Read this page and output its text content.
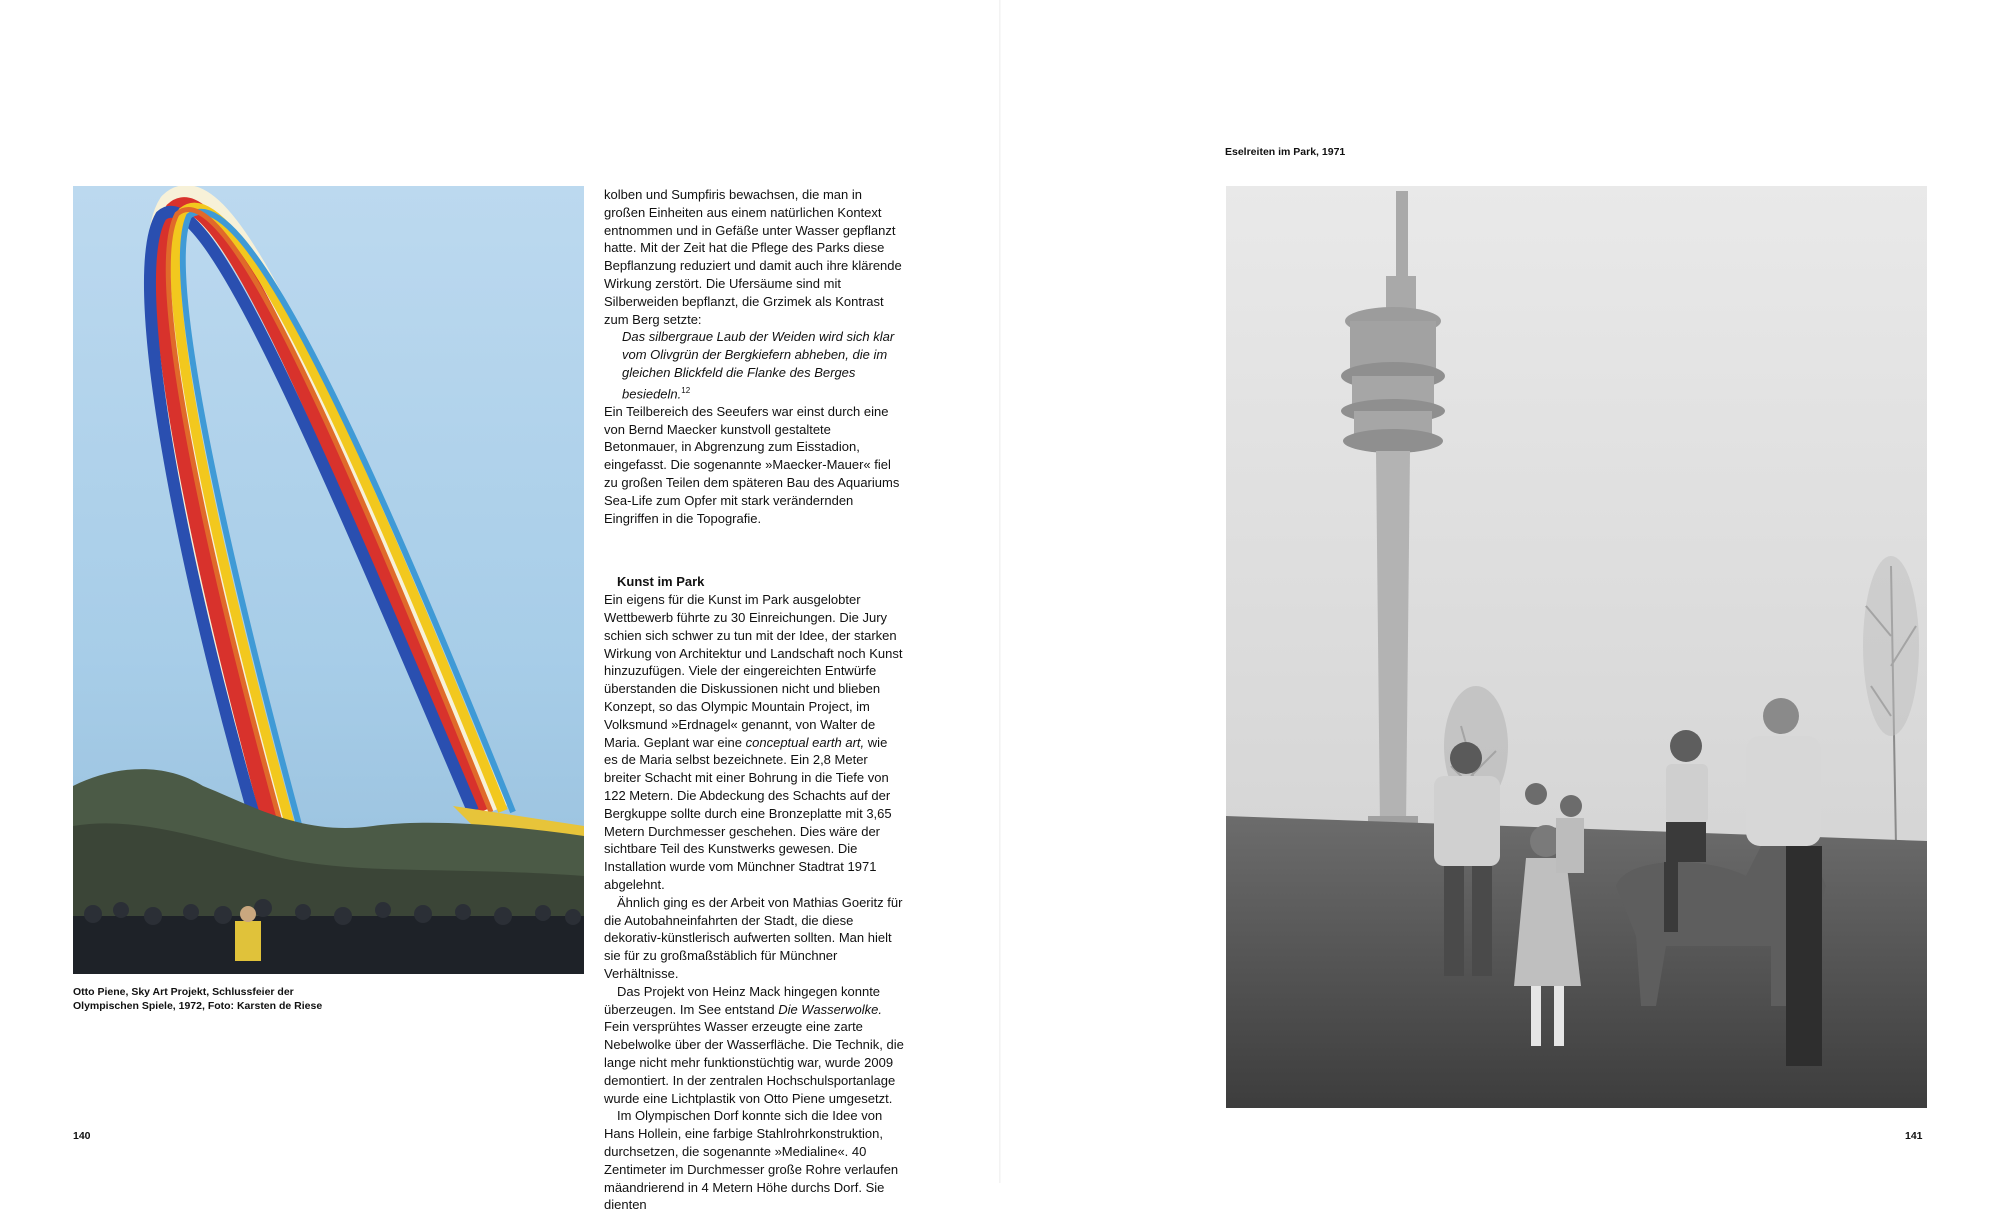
Otto Piene, Sky Art Projekt, Schlussfeier der
Olympischen Spiele, 1972, Foto: Karsten de Riese

kolben und Sumpfiris bewachsen, die man in großen Einheiten aus einem natürlichen Kontext entnommen und in Gefäße unter Wasser gepflanzt hatte. Mit der Zeit hat die Pflege des Parks diese Bepflanzung reduziert und damit auch ihre klärende Wirkung zerstört. Die Ufersäume sind mit Silberweiden bepflanzt, die Grzimek als Kontrast zum Berg setzte:

Das silbergraue Laub der Weiden wird sich klar vom Olivgrün der Bergkiefern abheben, die im gleichen Blickfeld die Flanke des Berges besiedeln.$^{12}$

Ein Teilbereich des Seeufers war einst durch eine von Bernd Maecker kunstvoll gestaltete Betonmauer, in Abgrenzung zum Eisstadion, eingefasst. Die sogenannte »Maecker-Mauer« fiel zu großen Teilen dem späteren Bau des Aquariums Sea-Life zum Opfer mit stark verändernden Eingriffen in die Topografie.

Kunst im Park

Ein eigens für die Kunst im Park ausgelobter Wettbewerb führte zu 30 Einreichungen. Die Jury schien sich schwer zu tun mit der Idee, der starken Wirkung von Architektur und Landschaft noch Kunst hinzuzufügen. Viele der eingereichten Entwürfe überstanden die Diskussionen nicht und blieben Konzept, so das Olympic Mountain Project, im Volksmund »Erdnagel« genannt, von Walter de Maria. Geplant war eine conceptual earth art, wie es de Maria selbst bezeichnete. Ein 2,8 Meter breiter Schacht mit einer Bohrung in die Tiefe von 122 Metern. Die Abdeckung des Schachts auf der Bergkuppe sollte durch eine Bronzeplatte mit 3,65 Metern Durchmesser geschehen. Dies wäre der sichtbare Teil des Kunstwerks gewesen. Die Installation wurde vom Münchner Stadtrat 1971 abgelehnt.

Ähnlich ging es der Arbeit von Mathias Goeritz für die Autobahneinfahrten der Stadt, die diese dekorativ-künstlerisch aufwerten sollten. Man hielt sie für zu großmaßstäblich für Münchner Verhältnisse.

Das Projekt von Heinz Mack hingegen konnte überzeugen. Im See entstand Die Wasserwolke. Fein versprühtes Wasser erzeugte eine zarte Nebelwolke über der Wasserfläche. Die Technik, die lange nicht mehr funktionstüchtig war, wurde 2009 demontiert. In der zentralen Hochschulsportanlage wurde eine Lichtplastik von Otto Piene umgesetzt.

Im Olympischen Dorf konnte sich die Idee von Hans Hollein, eine farbige Stahlrohrkonstruktion, durchsetzen, die sogenannte »Medialine«. 40 Zentimeter im Durchmesser große Rohre verlaufen mäandrierend in 4 Metern Höhe durchs Dorf. Sie dienten

140
Eselreiten im Park, 1971
141
